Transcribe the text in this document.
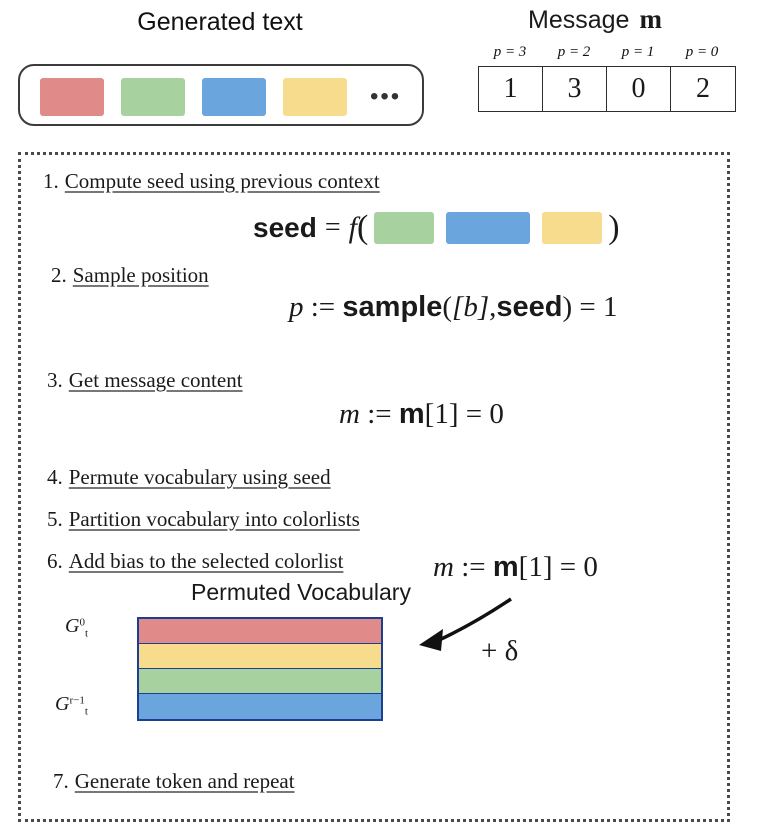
Generated text
•••
Message m
p = 3	p = 2	p = 1	p = 0
1	3	0	2
1. Compute seed using previous context
seed = f (	)
2. Sample position
p := sample([b],seed) = 1
3. Get message content
m := m[1] = 0
4. Permute vocabulary using seed
5. Partition vocabulary into colorlists
6. Add bias to the selected colorlist	m := m[1] = 0
+ δ
Permuted Vocabulary
$G^0_t$
$G^{r-1}_t$
7. Generate token and repeat
